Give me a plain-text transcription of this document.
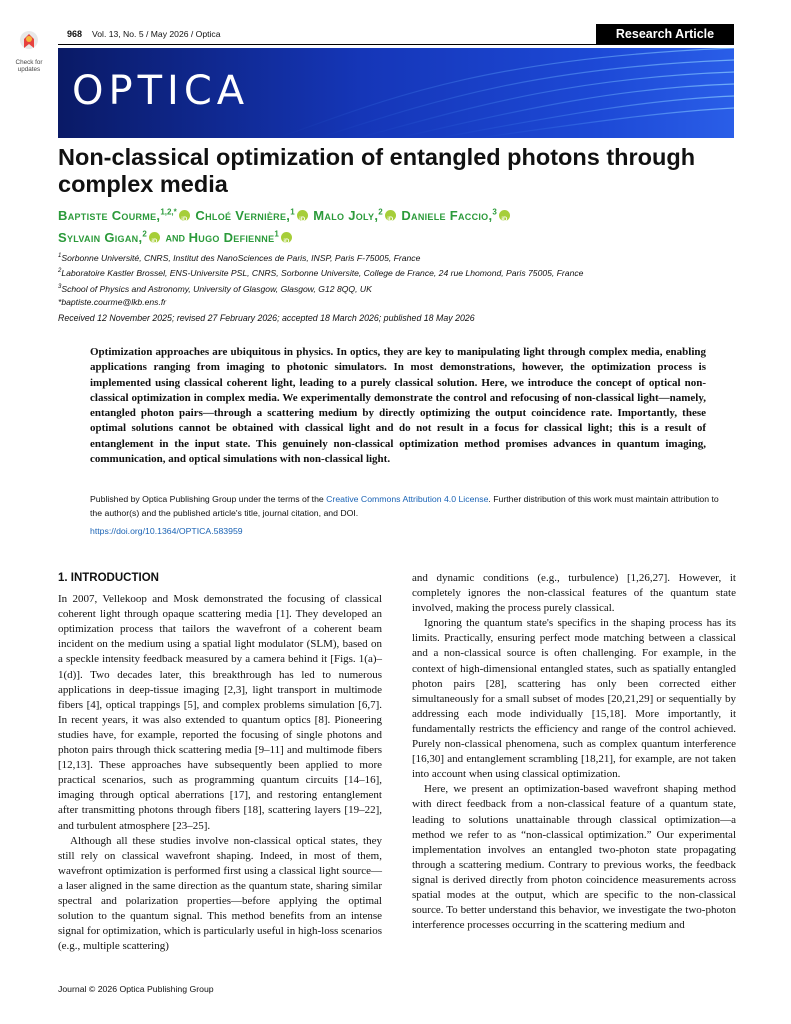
Check for updates
968 Vol. 13, No. 5 / May 2026 / Optica	Research Article
OPTICA
Non-classical optimization of entangled photons through complex media
Baptiste Courme,$^{1,2,*}$ iD Chloé Vernière,$^1$ iD Malo Joly,$^2$ iD Daniele Faccio,$^3$iD
Sylvain Gigan,$^2$ iD and Hugo Defienne$^1$iD
$^1$Sorbonne Université, CNRS, Institut des NanoSciences de Paris, INSP, Paris F-75005, France
$^2$Laboratoire Kastler Brossel, ENS-Universite PSL, CNRS, Sorbonne Universite, College de France, 24 rue Lhomond, Paris 75005, France
$^3$School of Physics and Astronomy, University of Glasgow, Glasgow, G12 8QQ, UK
*baptiste.courme@lkb.ens.fr
Received 12 November 2025; revised 27 February 2026; accepted 18 March 2026; published 18 May 2026

Optimization approaches are ubiquitous in physics. In optics, they are key to manipulating light through complex media, enabling applications ranging from imaging to photonic simulators. In most demonstrations, however, the optimization process is implemented using classical coherent light, leading to a purely classical solution. Here, we introduce the concept of optical non-classical optimization in complex media. We experimentally demonstrate the control and refocusing of non-classical light—namely, entangled photon pairs—through a scattering medium by directly optimizing the output coincidence rate. Importantly, these optimal solutions cannot be obtained with classical light and do not result in a focus for classical light; this is a result of entanglement in the input state. This genuinely non-classical optimization method promises advances in quantum imaging, communication, and optical simulations with non-classical light.

Published by Optica Publishing Group under the terms of the Creative Commons Attribution 4.0 License. Further distribution of this work must maintain attribution to the author(s) and the published article's title, journal citation, and DOI.
https://doi.org/10.1364/OPTICA.583959
1. INTRODUCTION

In 2007, Vellekoop and Mosk demonstrated the focusing of classical coherent light through opaque scattering media [1]. They developed an optimization process that tailors the wavefront of a coherent beam incident on the medium using a spatial light modulator (SLM), based on a speckle intensity feedback measured by a camera behind it [Figs. 1(a)–1(d)]. Two decades later, this breakthrough has led to numerous applications in deep-tissue imaging [2,3], light transport in multimode fibers [4], optical trappings [5], and complex problems simulation [6,7]. In recent years, it was also extended to quantum optics [8]. Pioneering studies have, for example, reported the focusing of single photons and photon pairs through thick scattering media [9–11] and multimode fibers [12,13]. These approaches have subsequently been applied to more practical scenarios, such as programming quantum circuits [14–16], imaging through optical aberrations [17], and restoring entanglement after transmitting photons through fibers [18], scattering layers [19–22], and turbulent atmosphere [23–25].

Although all these studies involve non-classical optical states, they still rely on classical wavefront shaping. Indeed, in most of them, wavefront optimization is performed first using a classical light source—a laser aligned in the same direction as the quantum state, sharing similar spectral and polarization properties—before applying the optimal solution to the quantum signal. This method benefits from an intense signal for optimization, which is particularly useful in high-loss scenarios (e.g., multiple scattering)

and dynamic conditions (e.g., turbulence) [1,26,27]. However, it completely ignores the non-classical features of the quantum state involved, making the process purely classical.

Ignoring the quantum state's specifics in the shaping process has its limits. Practically, ensuring perfect mode matching between a classical and a non-classical source is often challenging. For example, in the context of high-dimensional entangled states, such as spatially entangled photon pairs [28], scattering has only been corrected either simultaneously for a small subset of modes [20,21,29] or sequentially by addressing each mode individually [15,18]. More importantly, it fundamentally restricts the efficiency and range of the control achieved. Purely non-classical phenomena, such as complex quantum interference [16,30] and entanglement scrambling [18,21], for example, are not taken into account when using classical optimization.

Here, we present an optimization-based wavefront shaping method with direct feedback from a non-classical feature of a quantum state, leading to solutions unattainable through classical optimization—a method we refer to as “non-classical optimization.” Our experimental implementation involves an entangled two-photon state propagating through a scattering medium. Contrary to previous works, the feedback signal is derived directly from photon coincidence measurements across spatial modes at the output, which are specific to the non-classical source. To better understand this behavior, we investigate the two-photon interference processes occurring in the scattering medium and

Journal © 2026 Optica Publishing Group
